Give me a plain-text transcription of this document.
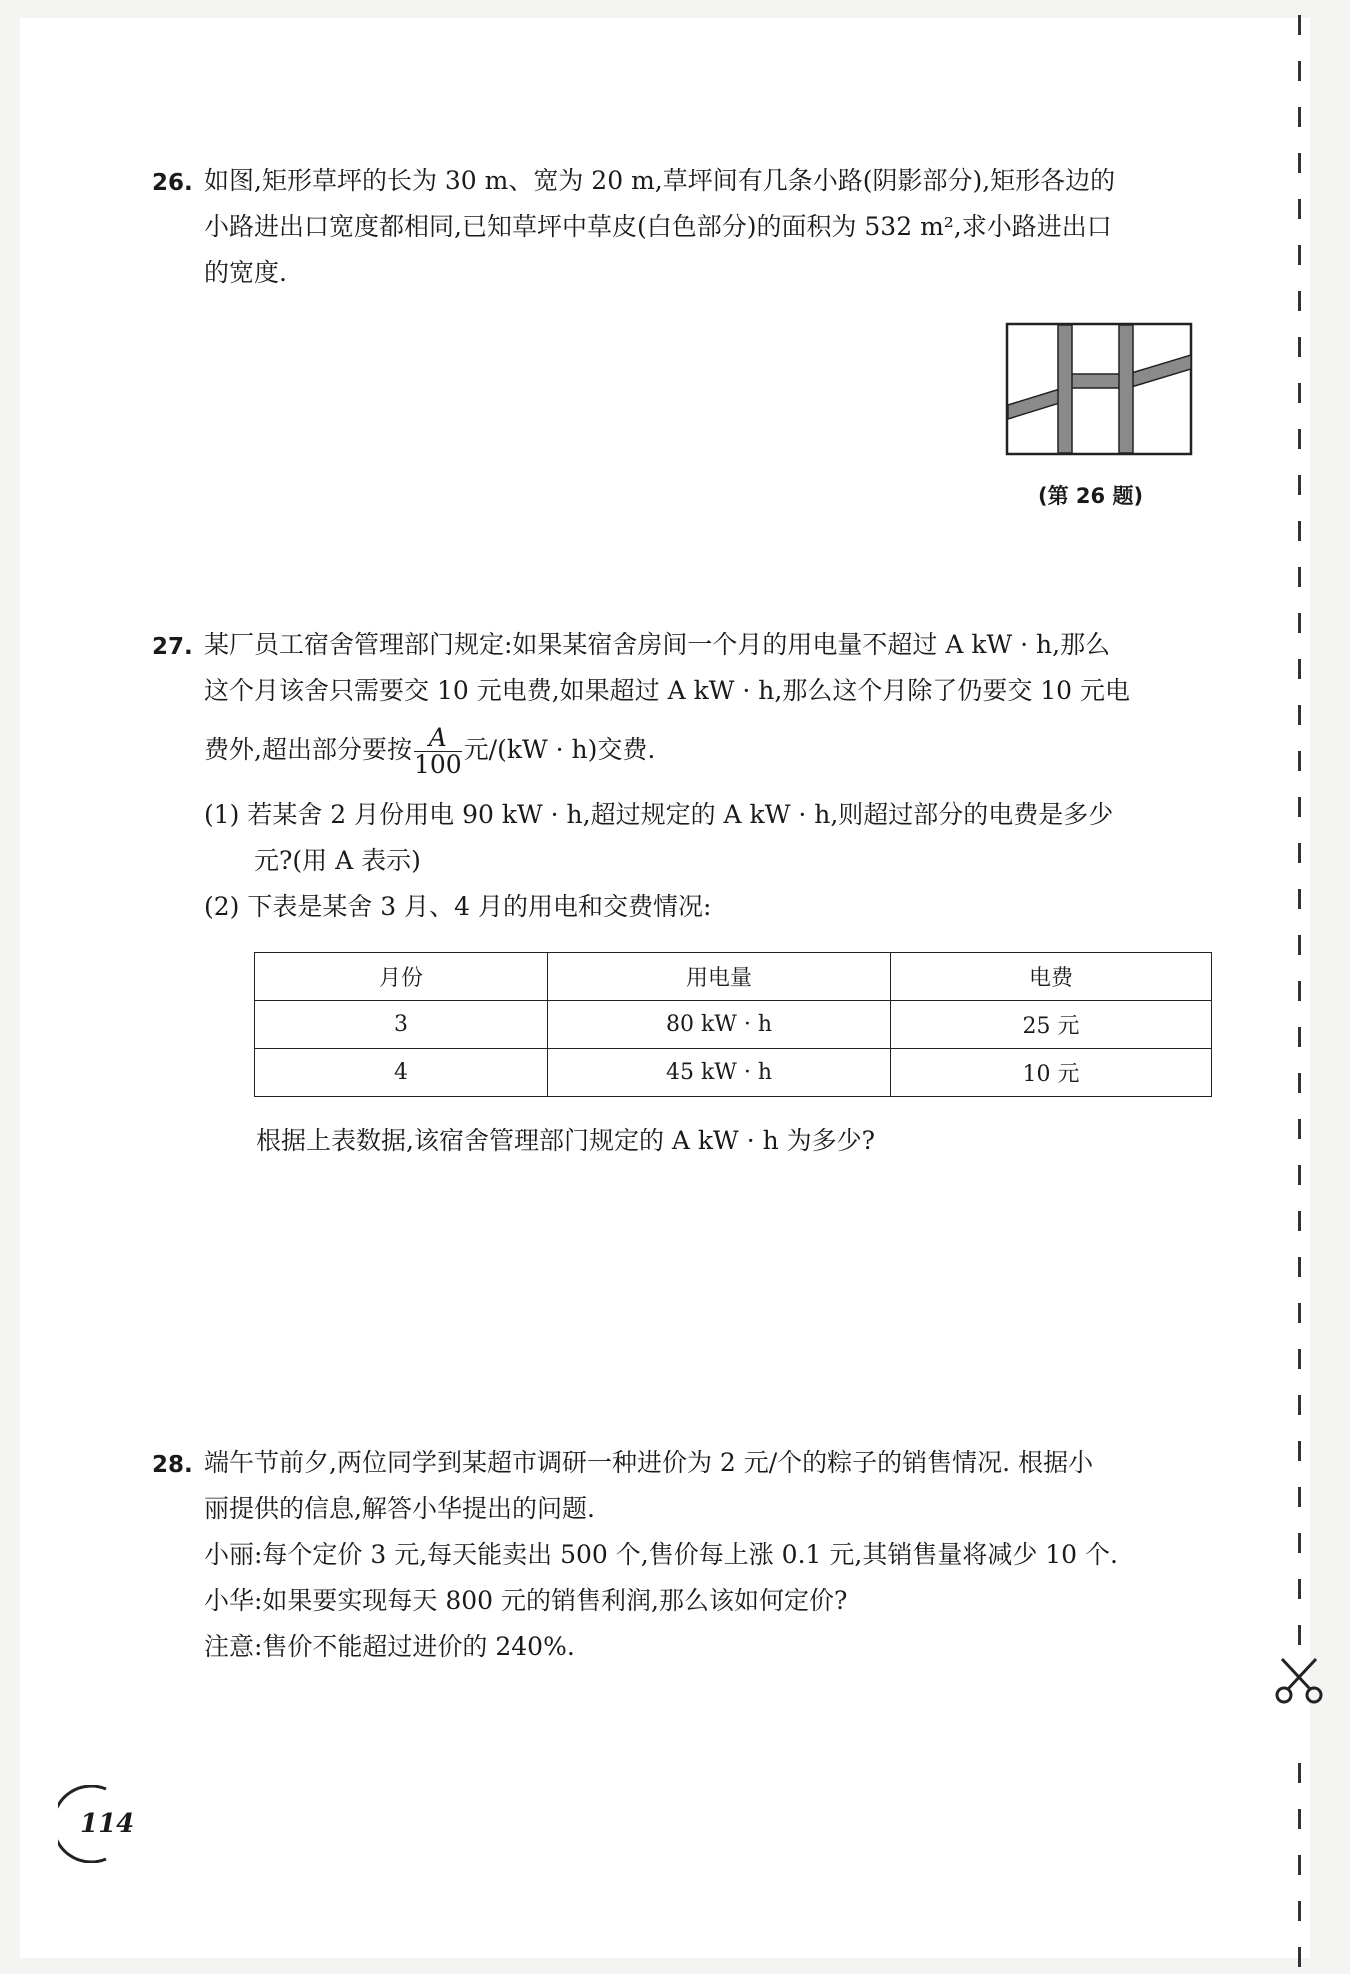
26. 如图,矩形草坪的长为 30 m、宽为 20 m,草坪间有几条小路(阴影部分),矩形各边的
小路进出口宽度都相同,已知草坪中草皮(白色部分)的面积为 532 m²,求小路进出口
的宽度.
(第 26 题)
27. 某厂员工宿舍管理部门规定:如果某宿舍房间一个月的用电量不超过 A kW · h,那么
这个月该舍只需要交 10 元电费,如果超过 A kW · h,那么这个月除了仍要交 10 元电
费外,超出部分要按 $\frac{A}{100}$ 元/(kW · h)交费.
(1) 若某舍 2 月份用电 90 kW · h,超过规定的 A kW · h,则超过部分的电费是多少
元?(用 A 表示)
(2) 下表是某舍 3 月、4 月的用电和交费情况:
月份	用电量	电费
3	80 kW · h	25 元
4	45 kW · h	10 元
根据上表数据,该宿舍管理部门规定的 A kW · h 为多少?
28. 端午节前夕,两位同学到某超市调研一种进价为 2 元/个的粽子的销售情况. 根据小
丽提供的信息,解答小华提出的问题.
小丽:每个定价 3 元,每天能卖出 500 个,售价每上涨 0.1 元,其销售量将减少 10 个.
小华:如果要实现每天 800 元的销售利润,那么该如何定价?
注意:售价不能超过进价的 240%.
114
